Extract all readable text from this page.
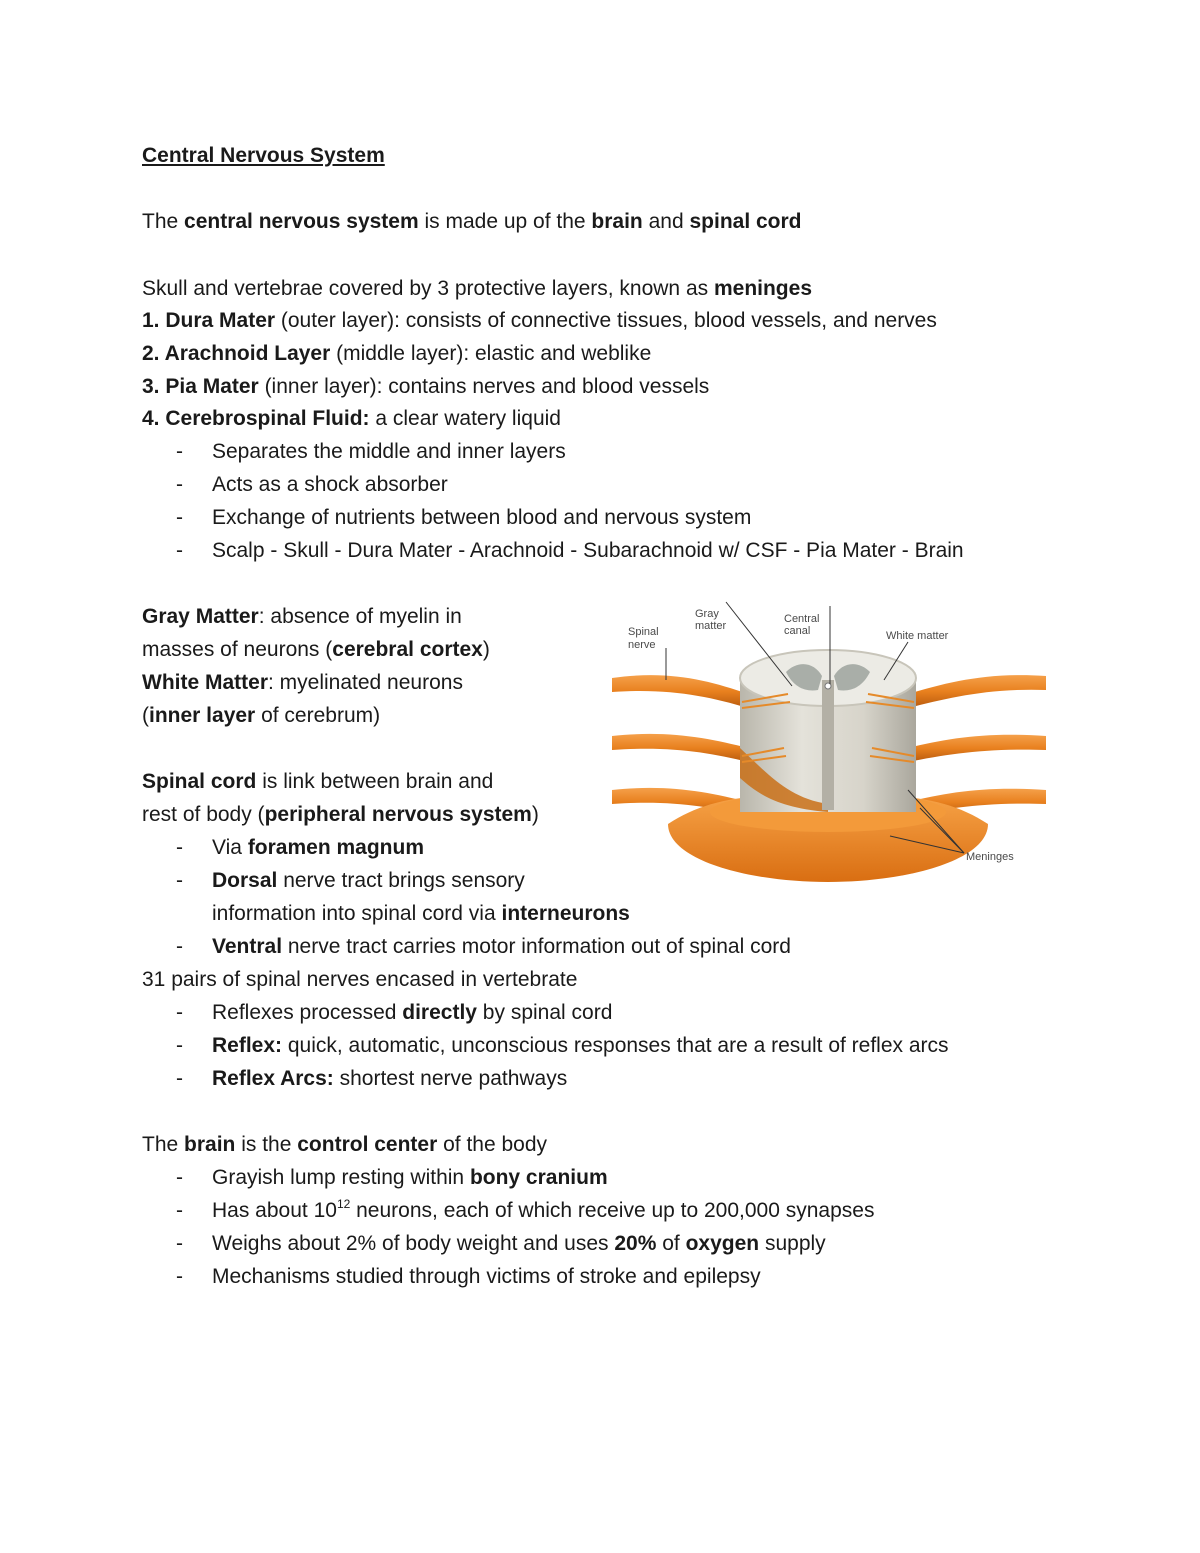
Central Nervous System
The central nervous system is made up of the brain and spinal cord
Skull and vertebrae covered by 3 protective layers, known as meninges
1. Dura Mater (outer layer): consists of connective tissues, blood vessels, and nerves
2. Arachnoid Layer (middle layer): elastic and weblike
3. Pia Mater (inner layer): contains nerves and blood vessels
4. Cerebrospinal Fluid: a clear watery liquid
- Separates the middle and inner layers
- Acts as a shock absorber
- Exchange of nutrients between blood and nervous system
- Scalp - Skull - Dura Mater - Arachnoid - Subarachnoid w/ CSF - Pia Mater - Brain
Gray Matter: absence of myelin in
masses of neurons (cerebral cortex)
White Matter: myelinated neurons
(inner layer of cerebrum)
Spinal cord is link between brain and
rest of body (peripheral nervous system)
- Via foramen magnum
- Dorsal nerve tract brings sensory
information into spinal cord via interneurons
- Ventral nerve tract carries motor information out of spinal cord
31 pairs of spinal nerves encased in vertebrate
- Reflexes processed directly by spinal cord
- Reflex: quick, automatic, unconscious responses that are a result of reflex arcs
- Reflex Arcs: shortest nerve pathways
The brain is the control center of the body
- Grayish lump resting within bony cranium
- Has about $10^{12}$ neurons, each of which receive up to 200,000 synapses
- Weighs about 2% of body weight and uses 20% of oxygen supply
- Mechanisms studied through victims of stroke and epilepsy
Spinal
nerve
Gray
matter
Central
canal	White matter
Meninges
